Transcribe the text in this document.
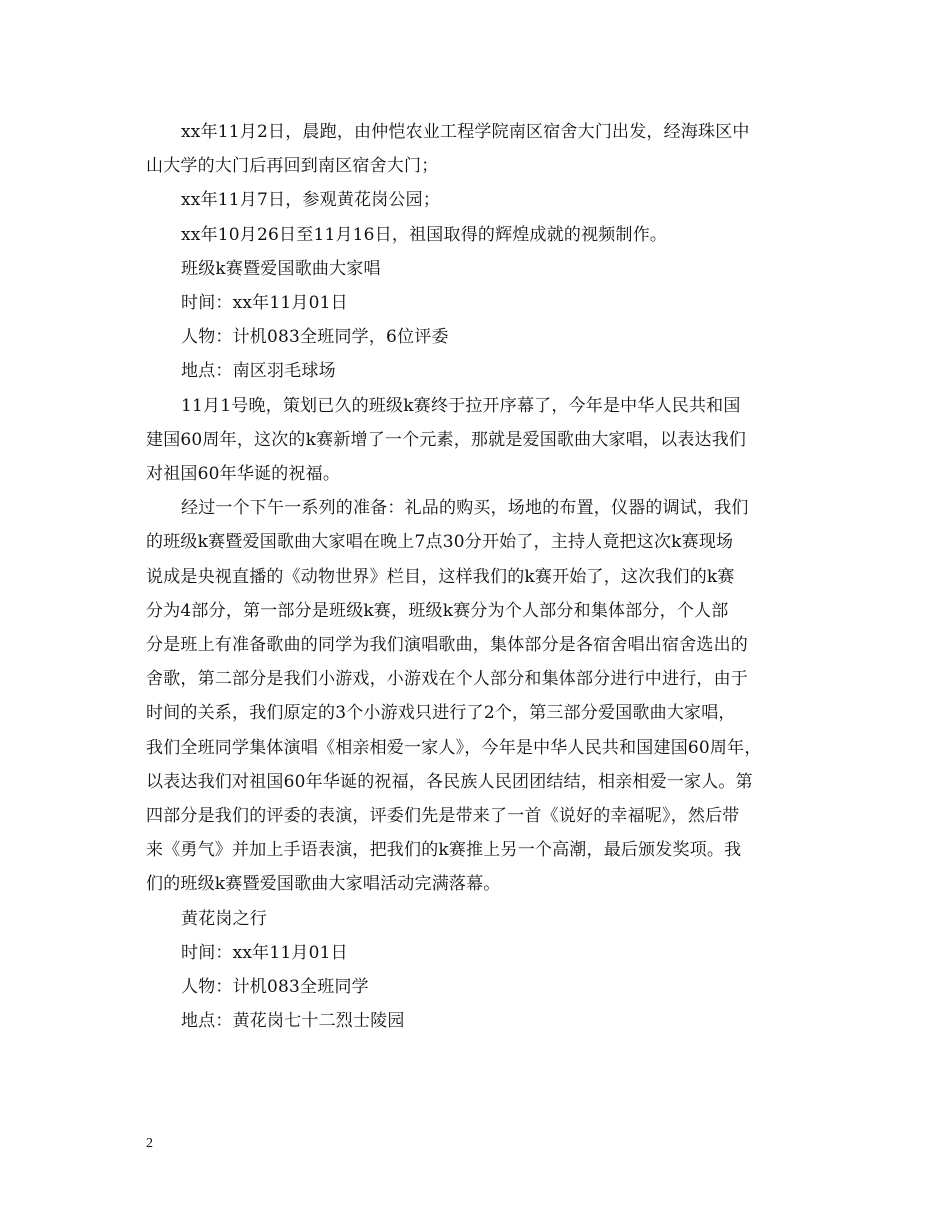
xx年11月2日，晨跑，由仲恺农业工程学院南区宿舍大门出发，经海珠区中
山大学的大门后再回到南区宿舍大门；
xx年11月7日，参观黄花岗公园；
xx年10月26日至11月16日，祖国取得的辉煌成就的视频制作。
班级k赛暨爱国歌曲大家唱
时间：xx年11月01日
人物：计机083全班同学，6位评委
地点：南区羽毛球场
11月1号晚，策划已久的班级k赛终于拉开序幕了，今年是中华人民共和国
建国60周年，这次的k赛新增了一个元素，那就是爱国歌曲大家唱，以表达我们
对祖国60年华诞的祝福。
经过一个下午一系列的准备：礼品的购买，场地的布置，仪器的调试，我们
的班级k赛暨爱国歌曲大家唱在晚上7点30分开始了，主持人竟把这次k赛现场
说成是央视直播的《动物世界》栏目，这样我们的k赛开始了，这次我们的k赛
分为4部分，第一部分是班级k赛，班级k赛分为个人部分和集体部分，个人部
分是班上有准备歌曲的同学为我们演唱歌曲，集体部分是各宿舍唱出宿舍选出的
舍歌，第二部分是我们小游戏，小游戏在个人部分和集体部分进行中进行，由于
时间的关系，我们原定的3个小游戏只进行了2个，第三部分爱国歌曲大家唱，
我们全班同学集体演唱《相亲相爱一家人》，今年是中华人民共和国建国60周年，
以表达我们对祖国60年华诞的祝福，各民族人民团团结结，相亲相爱一家人。第
四部分是我们的评委的表演，评委们先是带来了一首《说好的幸福呢》，然后带
来《勇气》并加上手语表演，把我们的k赛推上另一个高潮，最后颁发奖项。我
们的班级k赛暨爱国歌曲大家唱活动完满落幕。
黄花岗之行
时间：xx年11月01日
人物：计机083全班同学
地点：黄花岗七十二烈士陵园
2
